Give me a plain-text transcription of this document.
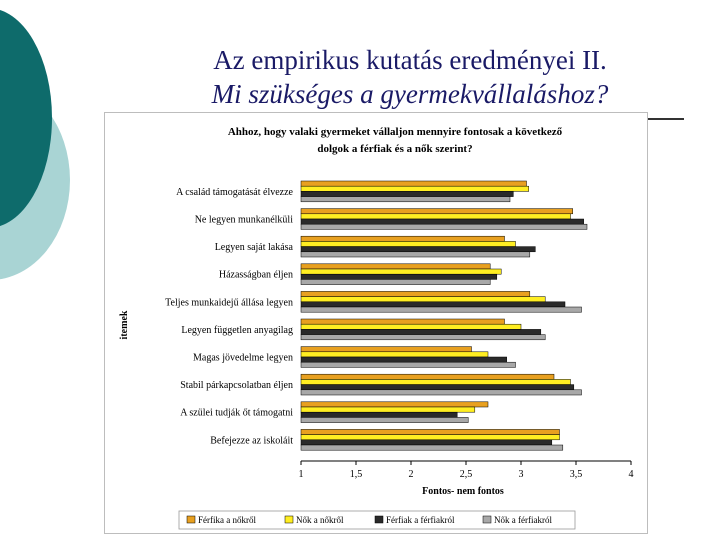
Az empirikus kutatás eredményei II.
Mi szükséges a gyermekvállaláshoz?
Ahhoz, hogy valaki gyermeket vállaljon mennyire fontosak a következő
dolgok a férfiak és a nők szerint?
A család támogatását élvezze
Ne legyen munkanélküli
Legyen saját lakása
Házasságban éljen
Teljes munkaidejű állása legyen
Legyen független anyagilag
Magas jövedelme legyen
Stabil párkapcsolatban éljen
A szülei tudják őt támogatni
Befejezze az iskoláit
1	1,5	2	2,5	3	3,5	4
itemek
Fontos- nem fontos
Férfika a nőkről	Nők a nőkről	Férfiak a férfiakról	Nők a férfiakról
